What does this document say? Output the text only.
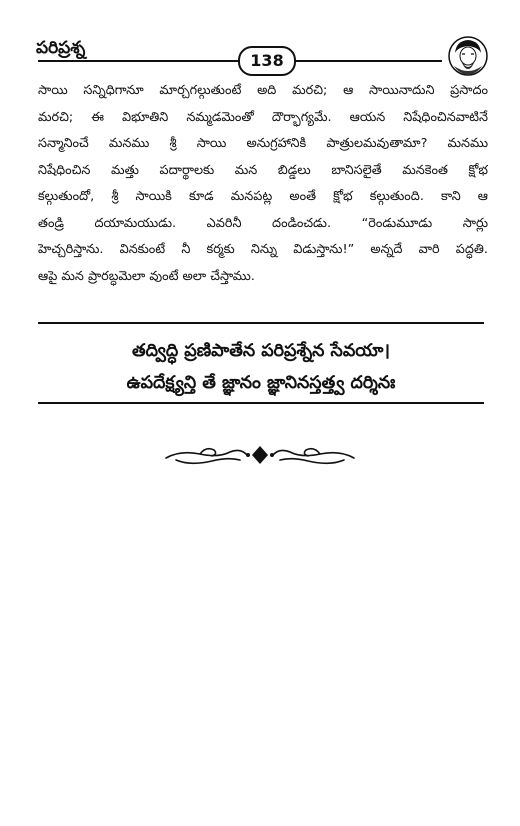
పరిప్రశ్న
138
సాయి సన్నిధిగానూ మార్చగల్గుతుంటే అది మరచి; ఆ సాయినాదుని ప్రసాదం
మరచి; ఈ విభూతిని నమ్మడమెంతో దౌర్భాగ్యమే. ఆయన నిషేధించినవాటినే
సన్మానించే మనము శ్రీ సాయి అనుగ్రహానికి పాత్రులమవుతామా? మనము
నిషేధించిన మత్తు పదార్థాలకు మన బిడ్డలు బానిసలైతే మనకెంత క్షోభ
కల్గుతుందో, శ్రీ సాయికి కూడ మనపట్ల అంతే క్షోభ కల్గుతుంది. కాని ఆ
తండ్రి దయామయుడు. ఎవరినీ దండించడు. “రెండుమూడు సార్లు
హెచ్చరిస్తాను. వినకుంటే నీ కర్మకు నిన్ను విడుస్తాను!” అన్నదే వారి పద్ధతి.
ఆపై మన ప్రారబ్ధమెలా వుంటే అలా చేస్తాము.
తద్విద్ధి ప్రణిపాతేన పరిప్రశ్నేన సేవయా।
ఉపదేక్ష్యన్తి తే జ్ఞానం జ్ఞానినస్తత్త్వ దర్శినః
